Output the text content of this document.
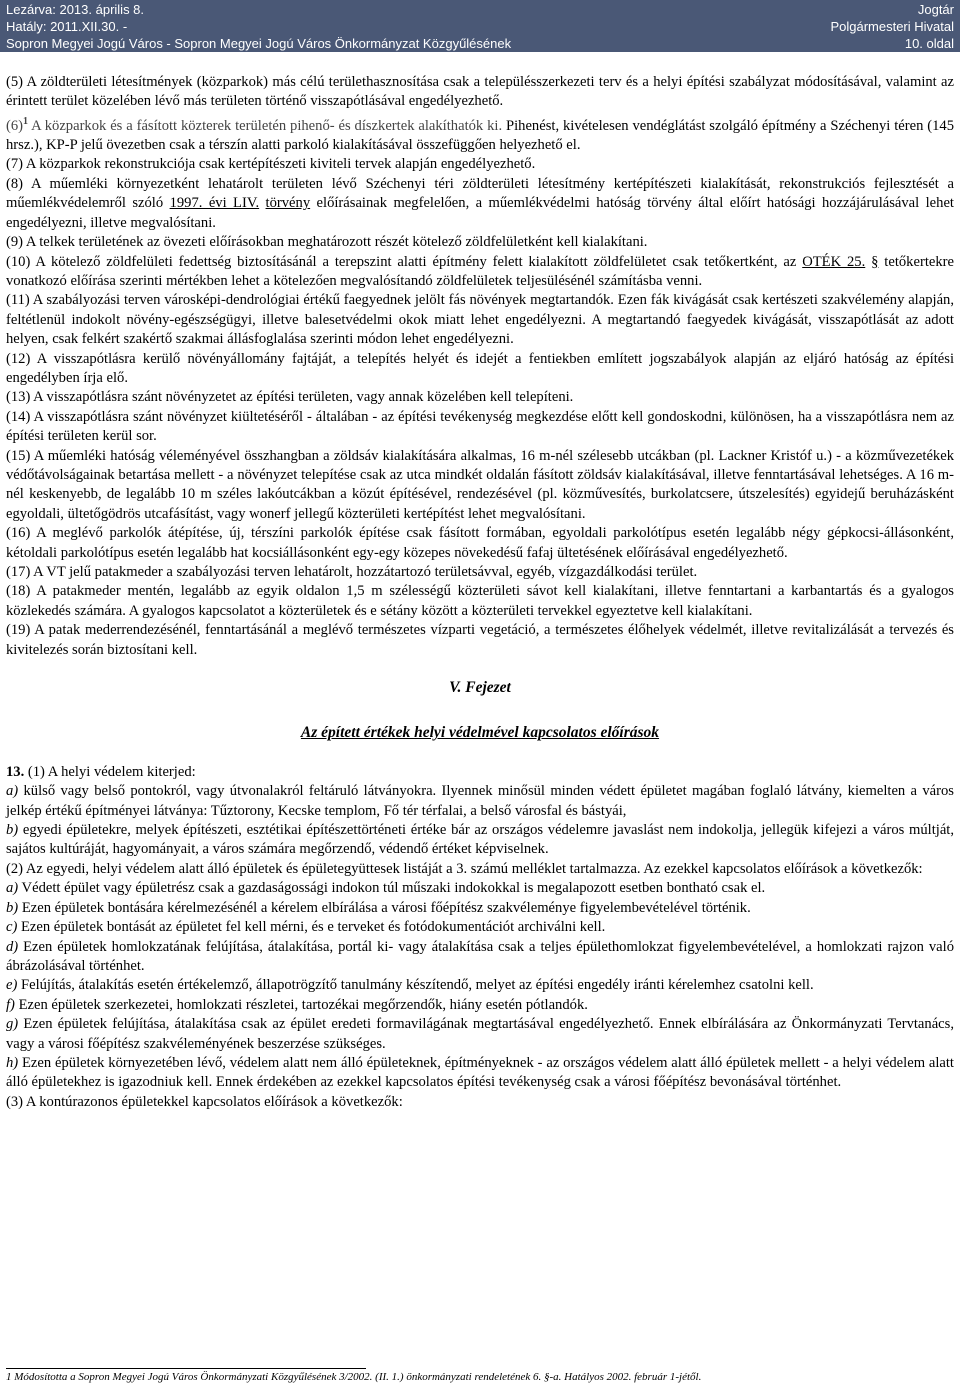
Lezárva: 2013. április 8.
Hatály: 2011.XII.30. -
Sopron Megyei Jogú Város - Sopron Megyei Jogú Város Önkormányzat Közgyűlésének
Jogtár
Polgármesteri Hivatal
10. oldal

(5) A zöldterületi létesítmények (közparkok) más célú területhasznosítása csak a településszerkezeti terv és a helyi építési szabályzat módosításával, valamint az érintett terület közelében lévő más területen történő visszapótlásával engedélyezhető.

$(6)^1$ A közparkok és a fásított közterek területén pihenő- és díszkertek alakíthatók ki. Pihenést, kivételesen vendéglátást szolgáló építmény a Széchenyi téren (145 hrsz.), KP-P jelű övezetben csak a térszín alatti parkoló kialakításával összefüggően helyezhető el.

(7) A közparkok rekonstrukciója csak kertépítészeti kiviteli tervek alapján engedélyezhető.

(8) A műemléki környezetként lehatárolt területen lévő Széchenyi téri zöldterületi létesítmény kertépítészeti kialakítását, rekonstrukciós fejlesztését a műemlékvédelemről szóló 1997. évi LIV. törvény előírásainak megfelelően, a műemlékvédelmi hatóság törvény által előírt hatósági hozzájárulásával lehet engedélyezni, illetve megvalósítani.

(9) A telkek területének az övezeti előírásokban meghatározott részét kötelező zöldfelületként kell kialakítani.

(10) A kötelező zöldfelületi fedettség biztosításánál a terepszint alatti építmény felett kialakított zöldfelületet csak tetőkertként, az OTÉK 25. § tetőkertekre vonatkozó előírása szerinti mértékben lehet a kötelezően megvalósítandó zöldfelületek teljesülésénél számításba venni.

(11) A szabályozási terven városképi-dendrológiai értékű faegyednek jelölt fás növények megtartandók. Ezen fák kivágását csak kertészeti szakvélemény alapján, feltétlenül indokolt növény-egészségügyi, illetve balesetvédelmi okok miatt lehet engedélyezni. A megtartandó faegyedek kivágását, visszapótlását az adott helyen, csak felkért szakértő szakmai állásfoglalása szerinti módon lehet engedélyezni.

(12) A visszapótlásra kerülő növényállomány fajtáját, a telepítés helyét és idejét a fentiekben említett jogszabályok alapján az eljáró hatóság az építési engedélyben írja elő.

(13) A visszapótlásra szánt növényzetet az építési területen, vagy annak közelében kell telepíteni.

(14) A visszapótlásra szánt növényzet kiültetéséről - általában - az építési tevékenység megkezdése előtt kell gondoskodni, különösen, ha a visszapótlásra nem az építési területen kerül sor.

(15) A műemléki hatóság véleményével összhangban a zöldsáv kialakítására alkalmas, 16 m-nél szélesebb utcákban (pl. Lackner Kristóf u.) - a közművezetékek védőtávolságainak betartása mellett - a növényzet telepítése csak az utca mindkét oldalán fásított zöldsáv kialakításával, illetve fenntartásával lehetséges. A 16 m-nél keskenyebb, de legalább 10 m széles lakóutcákban a közút építésével, rendezésével (pl. közművesítés, burkolatcsere, útszelesítés) egyidejű beruházásként egyoldali, ültetőgödrös utcafásítást, vagy wonerf jellegű közterületi kertépítést lehet megvalósítani.

(16) A meglévő parkolók átépítése, új, térszíni parkolók építése csak fásított formában, egyoldali parkolótípus esetén legalább négy gépkocsi-állásonként, kétoldali parkolótípus esetén legalább hat kocsiállásonként egy-egy közepes növekedésű fafaj ültetésének előírásával engedélyezhető.

(17) A VT jelű patakmeder a szabályozási terven lehatárolt, hozzátartozó területsávval, egyéb, vízgazdálkodási terület.

(18) A patakmeder mentén, legalább az egyik oldalon 1,5 m szélességű közterületi sávot kell kialakítani, illetve fenntartani a karbantartás és a gyalogos közlekedés számára. A gyalogos kapcsolatot a közterületek és e sétány között a közterületi tervekkel egyeztetve kell kialakítani.

(19) A patak mederrendezésénél, fenntartásánál a meglévő természetes vízparti vegetáció, a természetes élőhelyek védelmét, illetve revitalizálását a tervezés és kivitelezés során biztosítani kell.

V. Fejezet

Az épített értékek helyi védelmével kapcsolatos előírások

13. (1) A helyi védelem kiterjed:

a) külső vagy belső pontokról, vagy útvonalakról feltáruló látványokra. Ilyennek minősül minden védett épületet magában foglaló látvány, kiemelten a város jelkép értékű építményei látványa: Tűztorony, Kecske templom, Fő tér térfalai, a belső városfal és bástyái,

b) egyedi épületekre, melyek építészeti, esztétikai építészettörténeti értéke bár az országos védelemre javaslást nem indokolja, jellegük kifejezi a város múltját, sajátos kultúráját, hagyományait, a város számára megőrzendő, védendő értéket képviselnek.

(2) Az egyedi, helyi védelem alatt álló épületek és épületegyüttesek listáját a 3. számú melléklet tartalmazza. Az ezekkel kapcsolatos előírások a következők:

a) Védett épület vagy épületrész csak a gazdaságossági indokon túl műszaki indokokkal is megalapozott esetben bontható csak el.

b) Ezen épületek bontására kérelmezésénél a kérelem elbírálása a városi főépítész szakvéleménye figyelembevételével történik.

c) Ezen épületek bontását az épületet fel kell mérni, és e terveket és fotódokumentációt archiválni kell.

d) Ezen épületek homlokzatának felújítása, átalakítása, portál ki- vagy átalakítása csak a teljes épülethomlokzat figyelembevételével, a homlokzati rajzon való ábrázolásával történhet.

e) Felújítás, átalakítás esetén értékelemző, állapotrögzítő tanulmány készítendő, melyet az építési engedély iránti kérelemhez csatolni kell.

f) Ezen épületek szerkezetei, homlokzati részletei, tartozékai megőrzendők, hiány esetén pótlandók.

g) Ezen épületek felújítása, átalakítása csak az épület eredeti formavilágának megtartásával engedélyezhető. Ennek elbírálására az Önkormányzati Tervtanács, vagy a városi főépítész szakvéleményének beszerzése szükséges.

h) Ezen épületek környezetében lévő, védelem alatt nem álló épületeknek, építményeknek - az országos védelem alatt álló épületek mellett - a helyi védelem alatt álló épületekhez is igazodniuk kell. Ennek érdekében az ezekkel kapcsolatos építési tevékenység csak a városi főépítész bevonásával történhet.

(3) A kontúrazonos épületekkel kapcsolatos előírások a következők:

1 Módosította a Sopron Megyei Jogú Város Önkormányzati Közgyűlésének 3/2002. (II. 1.) önkormányzati rendeletének 6. §-a. Hatályos 2002. február 1-jétől.
